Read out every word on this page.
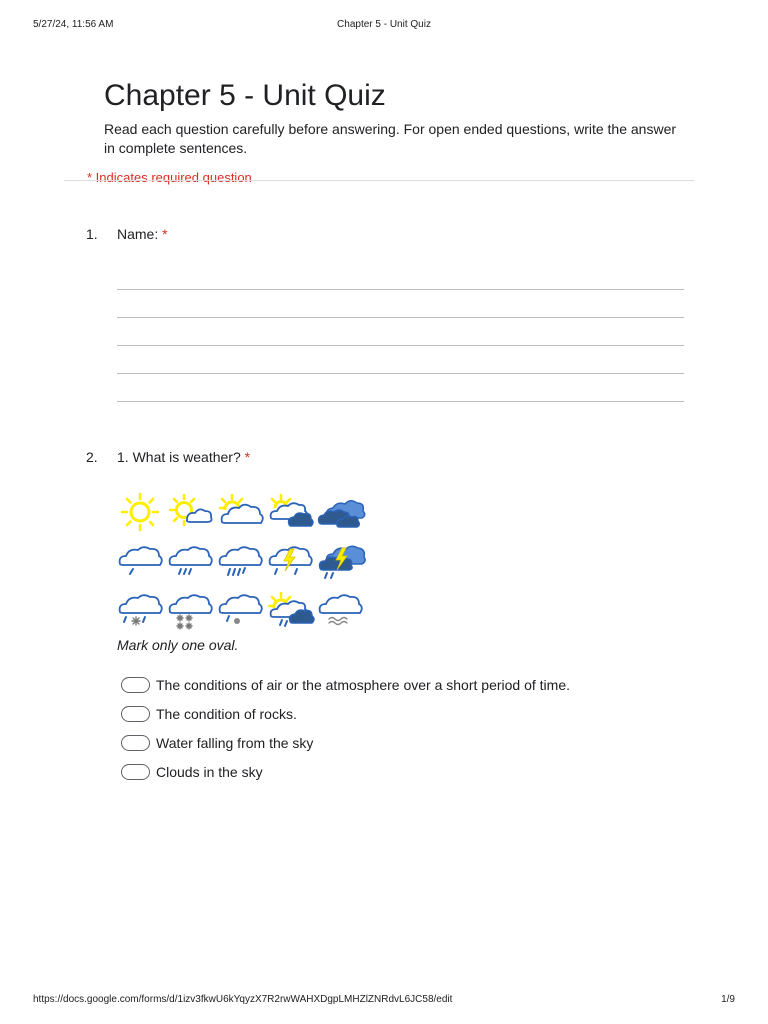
5/27/24, 11:56 AM	Chapter 5 - Unit Quiz
Chapter 5 - Unit Quiz

Read each question carefully before answering. For open ended questions, write the answer in complete sentences.

* Indicates required question
1. Name: *
2. 1. What is weather? *
Mark only one oval.
The conditions of air or the atmosphere over a short period of time.
The condition of rocks.
Water falling from the sky
Clouds in the sky
https://docs.google.com/forms/d/1izv3fkwU6kYqyzX7R2rwWAHXDgpLMHZlZNRdvL6JC58/edit	1/9
